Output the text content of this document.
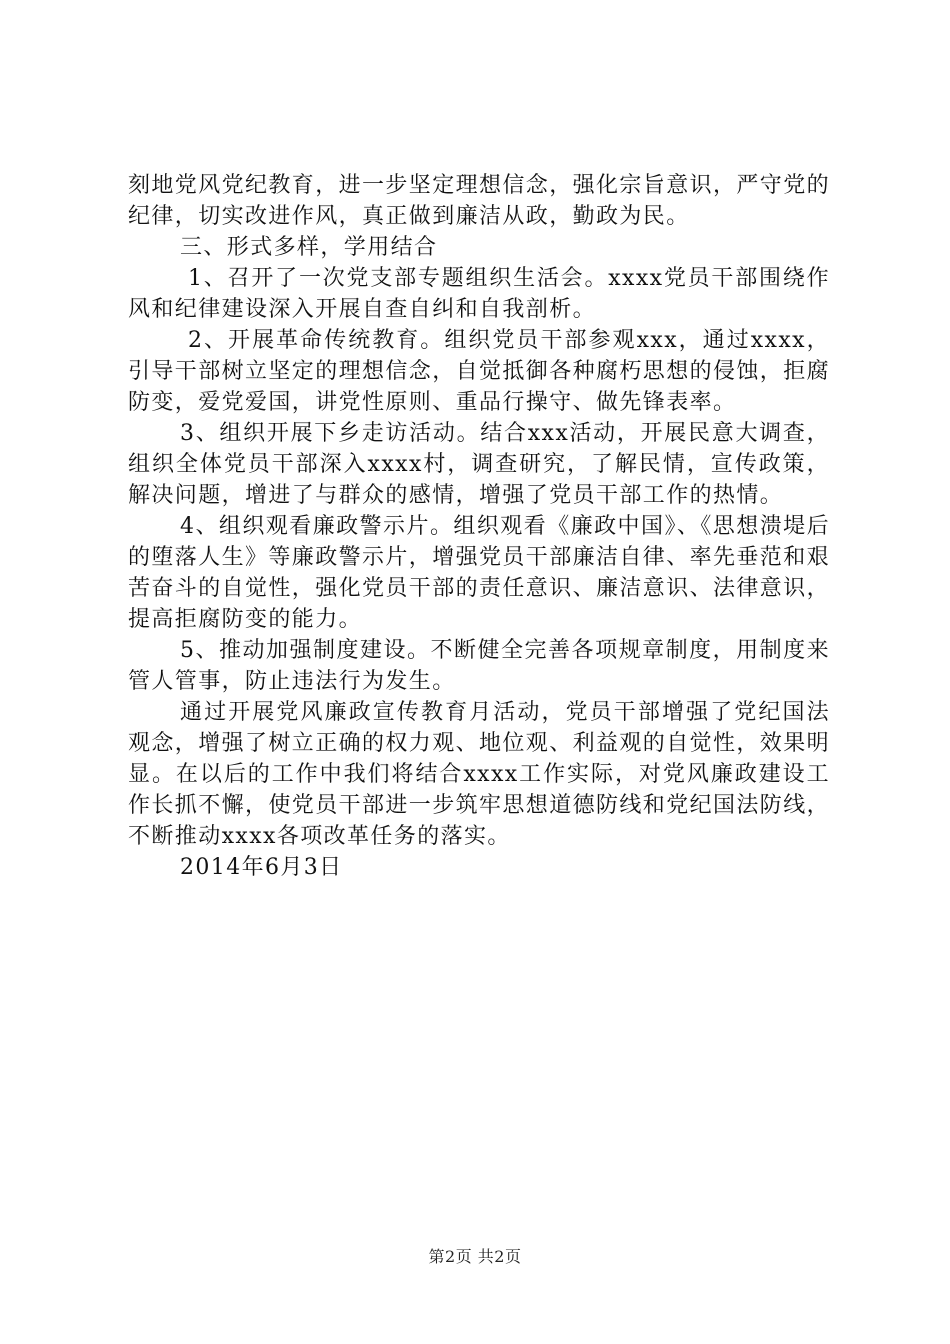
刻地党风党纪教育，进一步坚定理想信念，强化宗旨意识，严守党的纪律，切实改进作风，真正做到廉洁从政，勤政为民。

三、形式多样，学用结合

1、召开了一次党支部专题组织生活会。xxxx党员干部围绕作风和纪律建设深入开展自查自纠和自我剖析。

2、开展革命传统教育。组织党员干部参观xxx，通过xxxx，引导干部树立坚定的理想信念，自觉抵御各种腐朽思想的侵蚀，拒腐防变，爱党爱国，讲党性原则、重品行操守、做先锋表率。

3、组织开展下乡走访活动。结合xxx活动，开展民意大调查，组织全体党员干部深入xxxx村，调查研究，了解民情，宣传政策，解决问题，增进了与群众的感情，增强了党员干部工作的热情。

4、组织观看廉政警示片。组织观看《廉政中国》、《思想溃堤后的堕落人生》等廉政警示片，增强党员干部廉洁自律、率先垂范和艰苦奋斗的自觉性，强化党员干部的责任意识、廉洁意识、法律意识，提高拒腐防变的能力。

5、推动加强制度建设。不断健全完善各项规章制度，用制度来管人管事，防止违法行为发生。

通过开展党风廉政宣传教育月活动，党员干部增强了党纪国法观念，增强了树立正确的权力观、地位观、利益观的自觉性，效果明显。在以后的工作中我们将结合xxxx工作实际，对党风廉政建设工作长抓不懈，使党员干部进一步筑牢思想道德防线和党纪国法防线，不断推动xxxx各项改革任务的落实。

2014年6月3日

第2页 共2页
